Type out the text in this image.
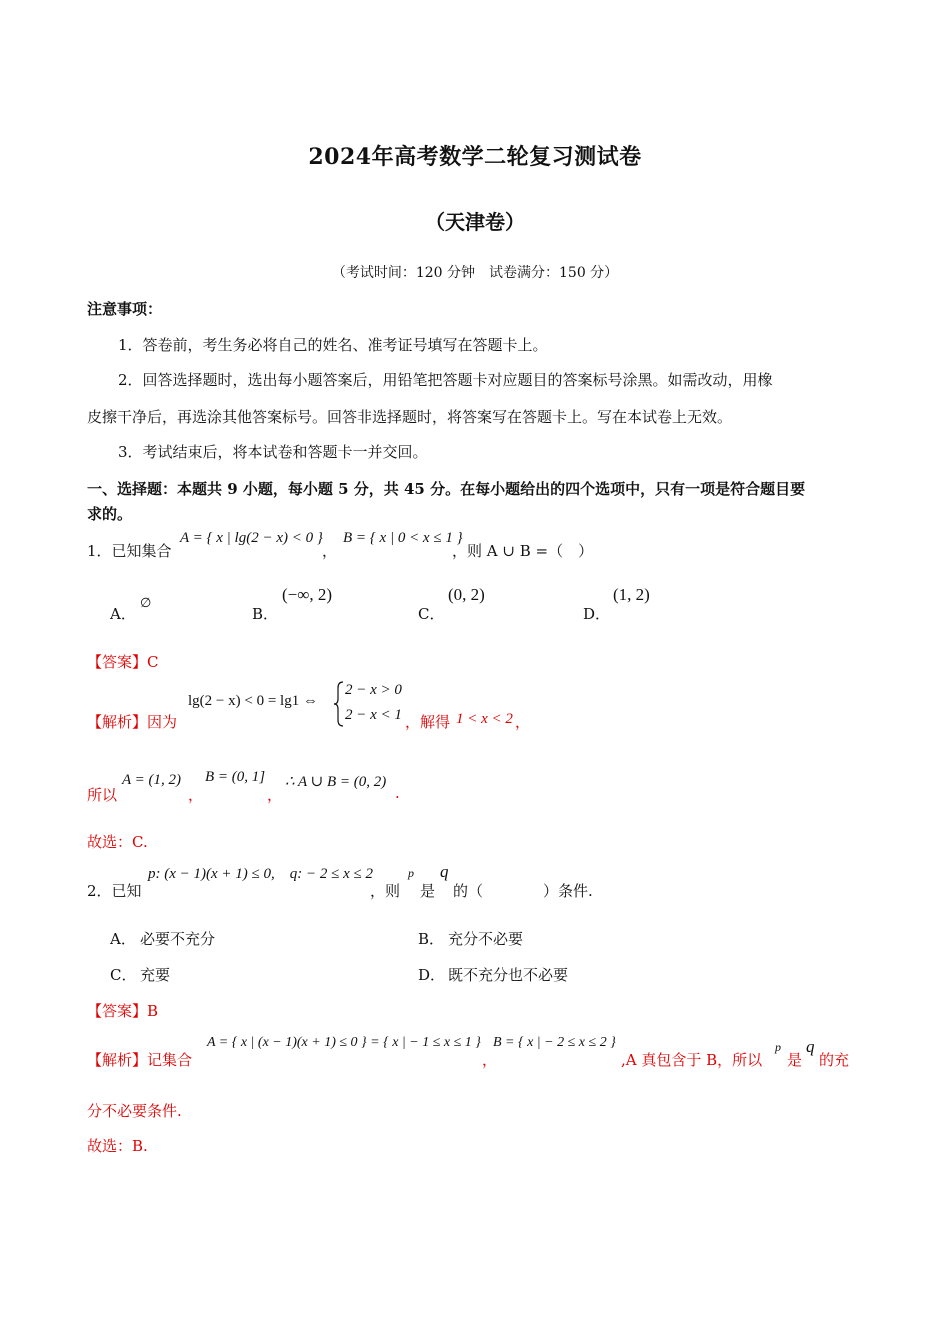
2024年高考数学二轮复习测试卷
（天津卷）
（考试时间：120 分钟　试卷满分：150 分）
注意事项：
1．答卷前，考生务必将自己的姓名、准考证号填写在答题卡上。
2．回答选择题时，选出每小题答案后，用铅笔把答题卡对应题目的答案标号涂黑。如需改动，用橡
皮擦干净后，再选涂其他答案标号。回答非选择题时，将答案写在答题卡上。写在本试卷上无效。
3．考试结束后，将本试卷和答题卡一并交回。
一、选择题：本题共 9 小题，每小题 5 分，共 45 分。在每小题给出的四个选项中，只有一项是符合题目要
求的。
1．已知集合
A = { x | lg(2 − x) < 0 }
，
B = { x | 0 < x ≤ 1 }
，则 A ∪ B =（　）
A．
∅
B．
(−∞, 2)
C．
(0, 2)
D．
(1, 2)
【答案】C
【解析】因为
lg(2 − x) < 0 = lg1 ⇔
2 − x > 0
2 − x < 1 ，解得 1 < x < 2 ，
所以
A = (1, 2)
，
B = (0, 1]
，
∴ A ∪ B = (0, 2)
.
故选：C.
2．已知
p: (x − 1)(x + 1) ≤ 0,　q: − 2 ≤ x ≤ 2
，则
p
是
q
的（　　　　）条件.
A． 必要不充分	B． 充分不必要
C． 充要	D． 既不充分也不必要
【答案】B
【解析】记集合
A = { x | (x − 1)(x + 1) ≤ 0 } = { x | − 1 ≤ x ≤ 1 }
，
B = { x | − 2 ≤ x ≤ 2 }
,A 真包含于 B，所以
p
是
q
的充
分不必要条件.
故选：B.
